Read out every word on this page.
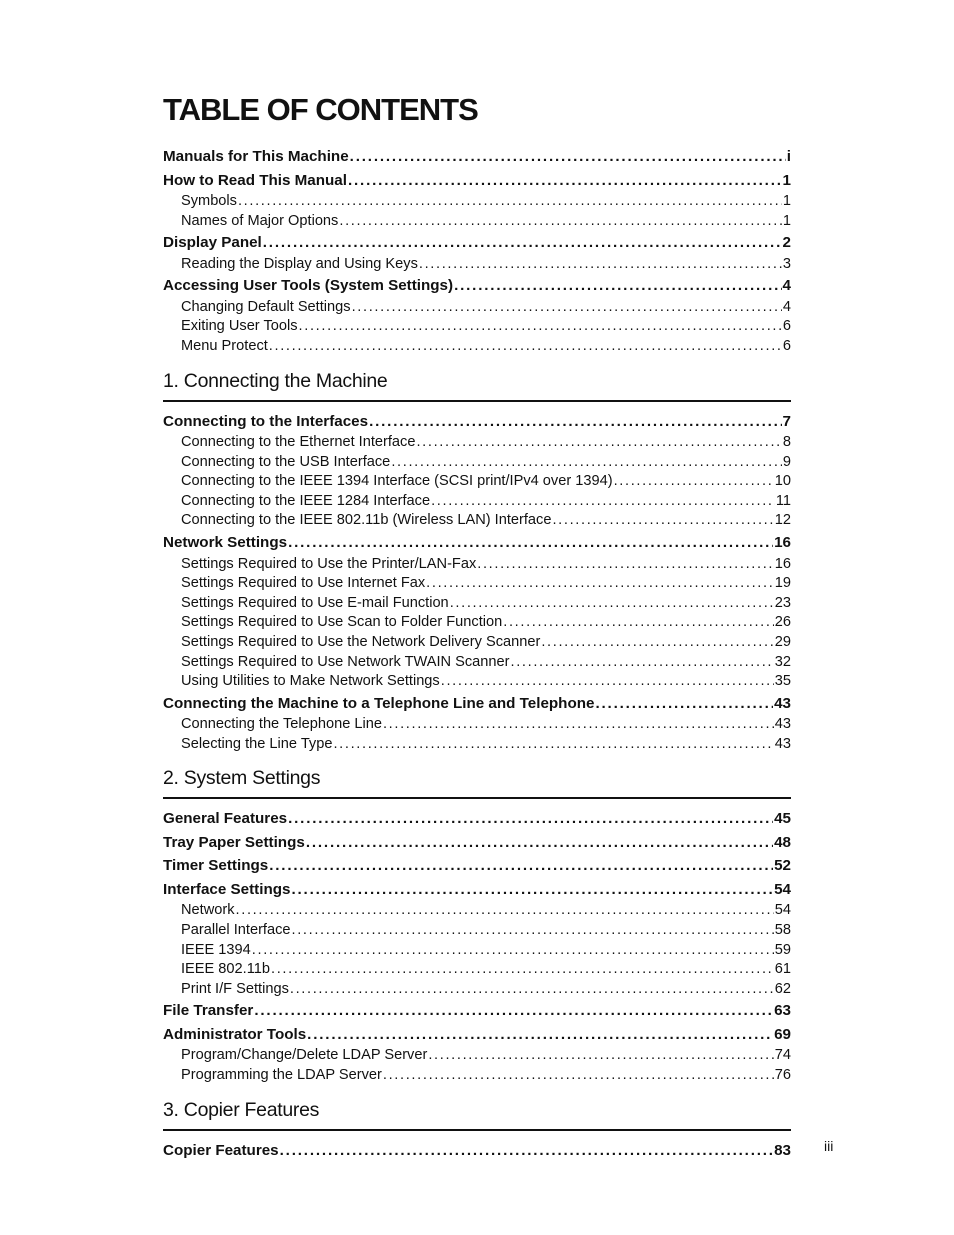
TABLE OF CONTENTS
Manuals for This Machine . . .	i
How to Read This Manual . . .	1
Symbols . . .	1
Names of Major Options . . .	1
Display Panel . . .	2
Reading the Display and Using Keys . . .	3
Accessing User Tools (System Settings) . . .	4
Changing Default Settings . . .	4
Exiting User Tools . . .	6
Menu Protect . . .	6
1. Connecting the Machine
Connecting to the Interfaces . . .	7
Connecting to the Ethernet Interface . . .	8
Connecting to the USB Interface . . .	9
Connecting to the IEEE 1394 Interface (SCSI print/IPv4 over 1394) . . .	10
Connecting to the IEEE 1284 Interface . . .	11
Connecting to the IEEE 802.11b (Wireless LAN) Interface . . .	12
Network Settings . . .	16
Settings Required to Use the Printer/LAN-Fax . . .	16
Settings Required to Use Internet Fax . . .	19
Settings Required to Use E-mail Function . . .	23
Settings Required to Use Scan to Folder Function . . .	26
Settings Required to Use the Network Delivery Scanner . . .	29
Settings Required to Use Network TWAIN Scanner . . .	32
Using Utilities to Make Network Settings . . .	35
Connecting the Machine to a Telephone Line and Telephone . . .	43
Connecting the Telephone Line . . .	43
Selecting the Line Type . . .	43
2. System Settings
General Features . . .	45
Tray Paper Settings . . .	48
Timer Settings . . .	52
Interface Settings . . .	54
Network . . .	54
Parallel Interface . . .	58
IEEE 1394 . . .	59
IEEE 802.11b . . .	61
Print I/F Settings . . .	62
File Transfer . . .	63
Administrator Tools . . .	69
Program/Change/Delete LDAP Server . . .	74
Programming the LDAP Server . . .	76
3. Copier Features
Copier Features . . .	83 iii
